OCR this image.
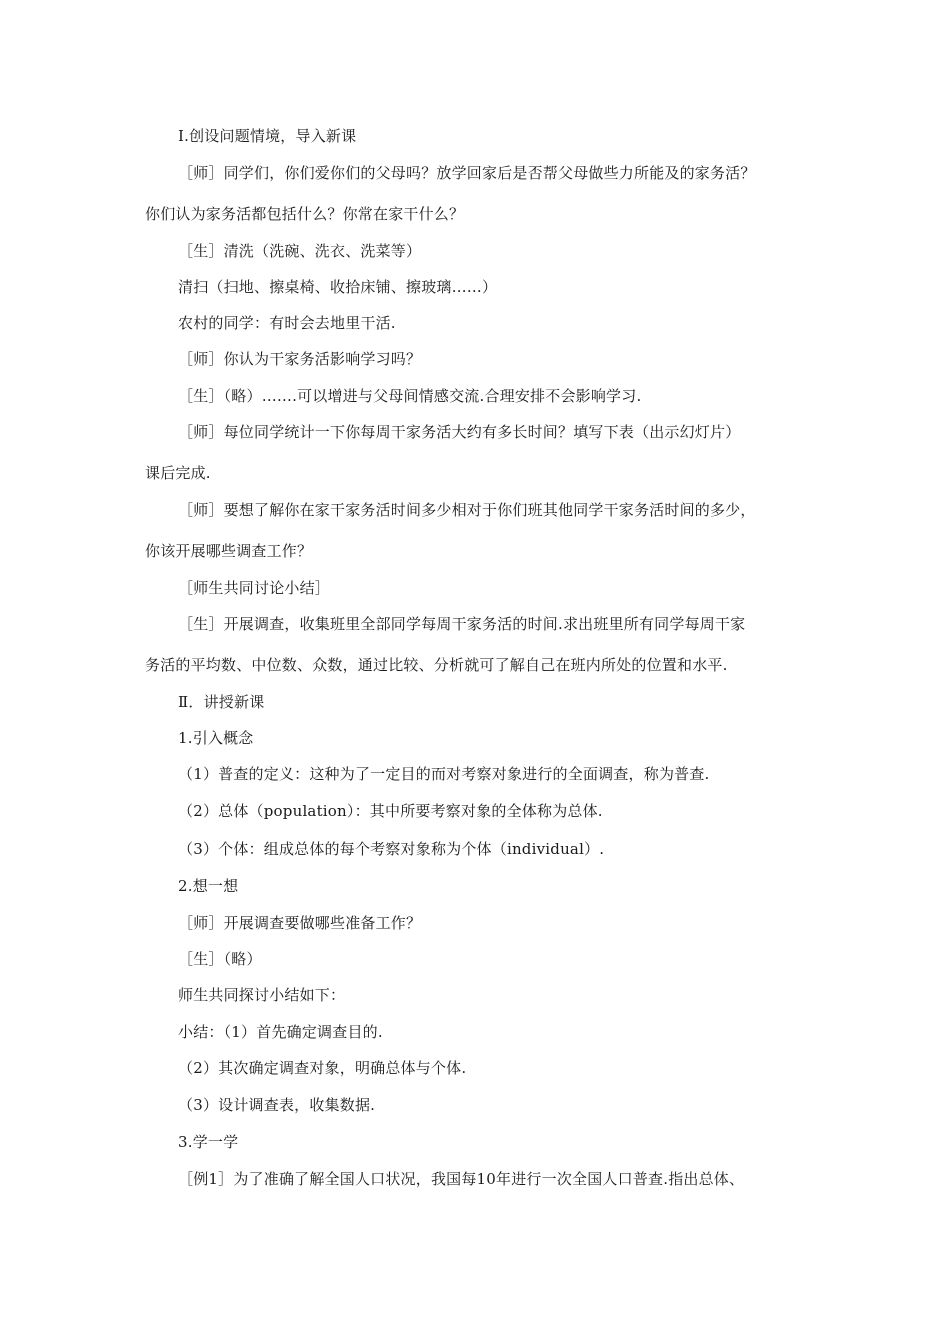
Ⅰ.创设问题情境，导入新课
［师］同学们，你们爱你们的父母吗？放学回家后是否帮父母做些力所能及的家务活？
你们认为家务活都包括什么？你常在家干什么？
［生］清洗（洗碗、洗衣、洗菜等）
清扫（扫地、擦桌椅、收拾床铺、擦玻璃……）
农村的同学：有时会去地里干活.
［师］你认为干家务活影响学习吗？
［生］（略）…….可以增进与父母间情感交流.合理安排不会影响学习.
［师］每位同学统计一下你每周干家务活大约有多长时间？填写下表（出示幻灯片）
课后完成.
［师］要想了解你在家干家务活时间多少相对于你们班其他同学干家务活时间的多少，
你该开展哪些调查工作？
［师生共同讨论小结］
［生］开展调查，收集班里全部同学每周干家务活的时间.求出班里所有同学每周干家
务活的平均数、中位数、众数，通过比较、分析就可了解自己在班内所处的位置和水平.
Ⅱ．讲授新课
1.引入概念
（1）普查的定义：这种为了一定目的而对考察对象进行的全面调查，称为普查.
（2）总体（population）：其中所要考察对象的全体称为总体.
（3）个体：组成总体的每个考察对象称为个体（individual）.
2.想一想
［师］开展调查要做哪些准备工作？
［生］（略）
师生共同探讨小结如下：
小结：（1）首先确定调查目的.
（2）其次确定调查对象，明确总体与个体.
（3）设计调查表，收集数据.
3.学一学
［例1］为了准确了解全国人口状况，我国每10年进行一次全国人口普查.指出总体、
